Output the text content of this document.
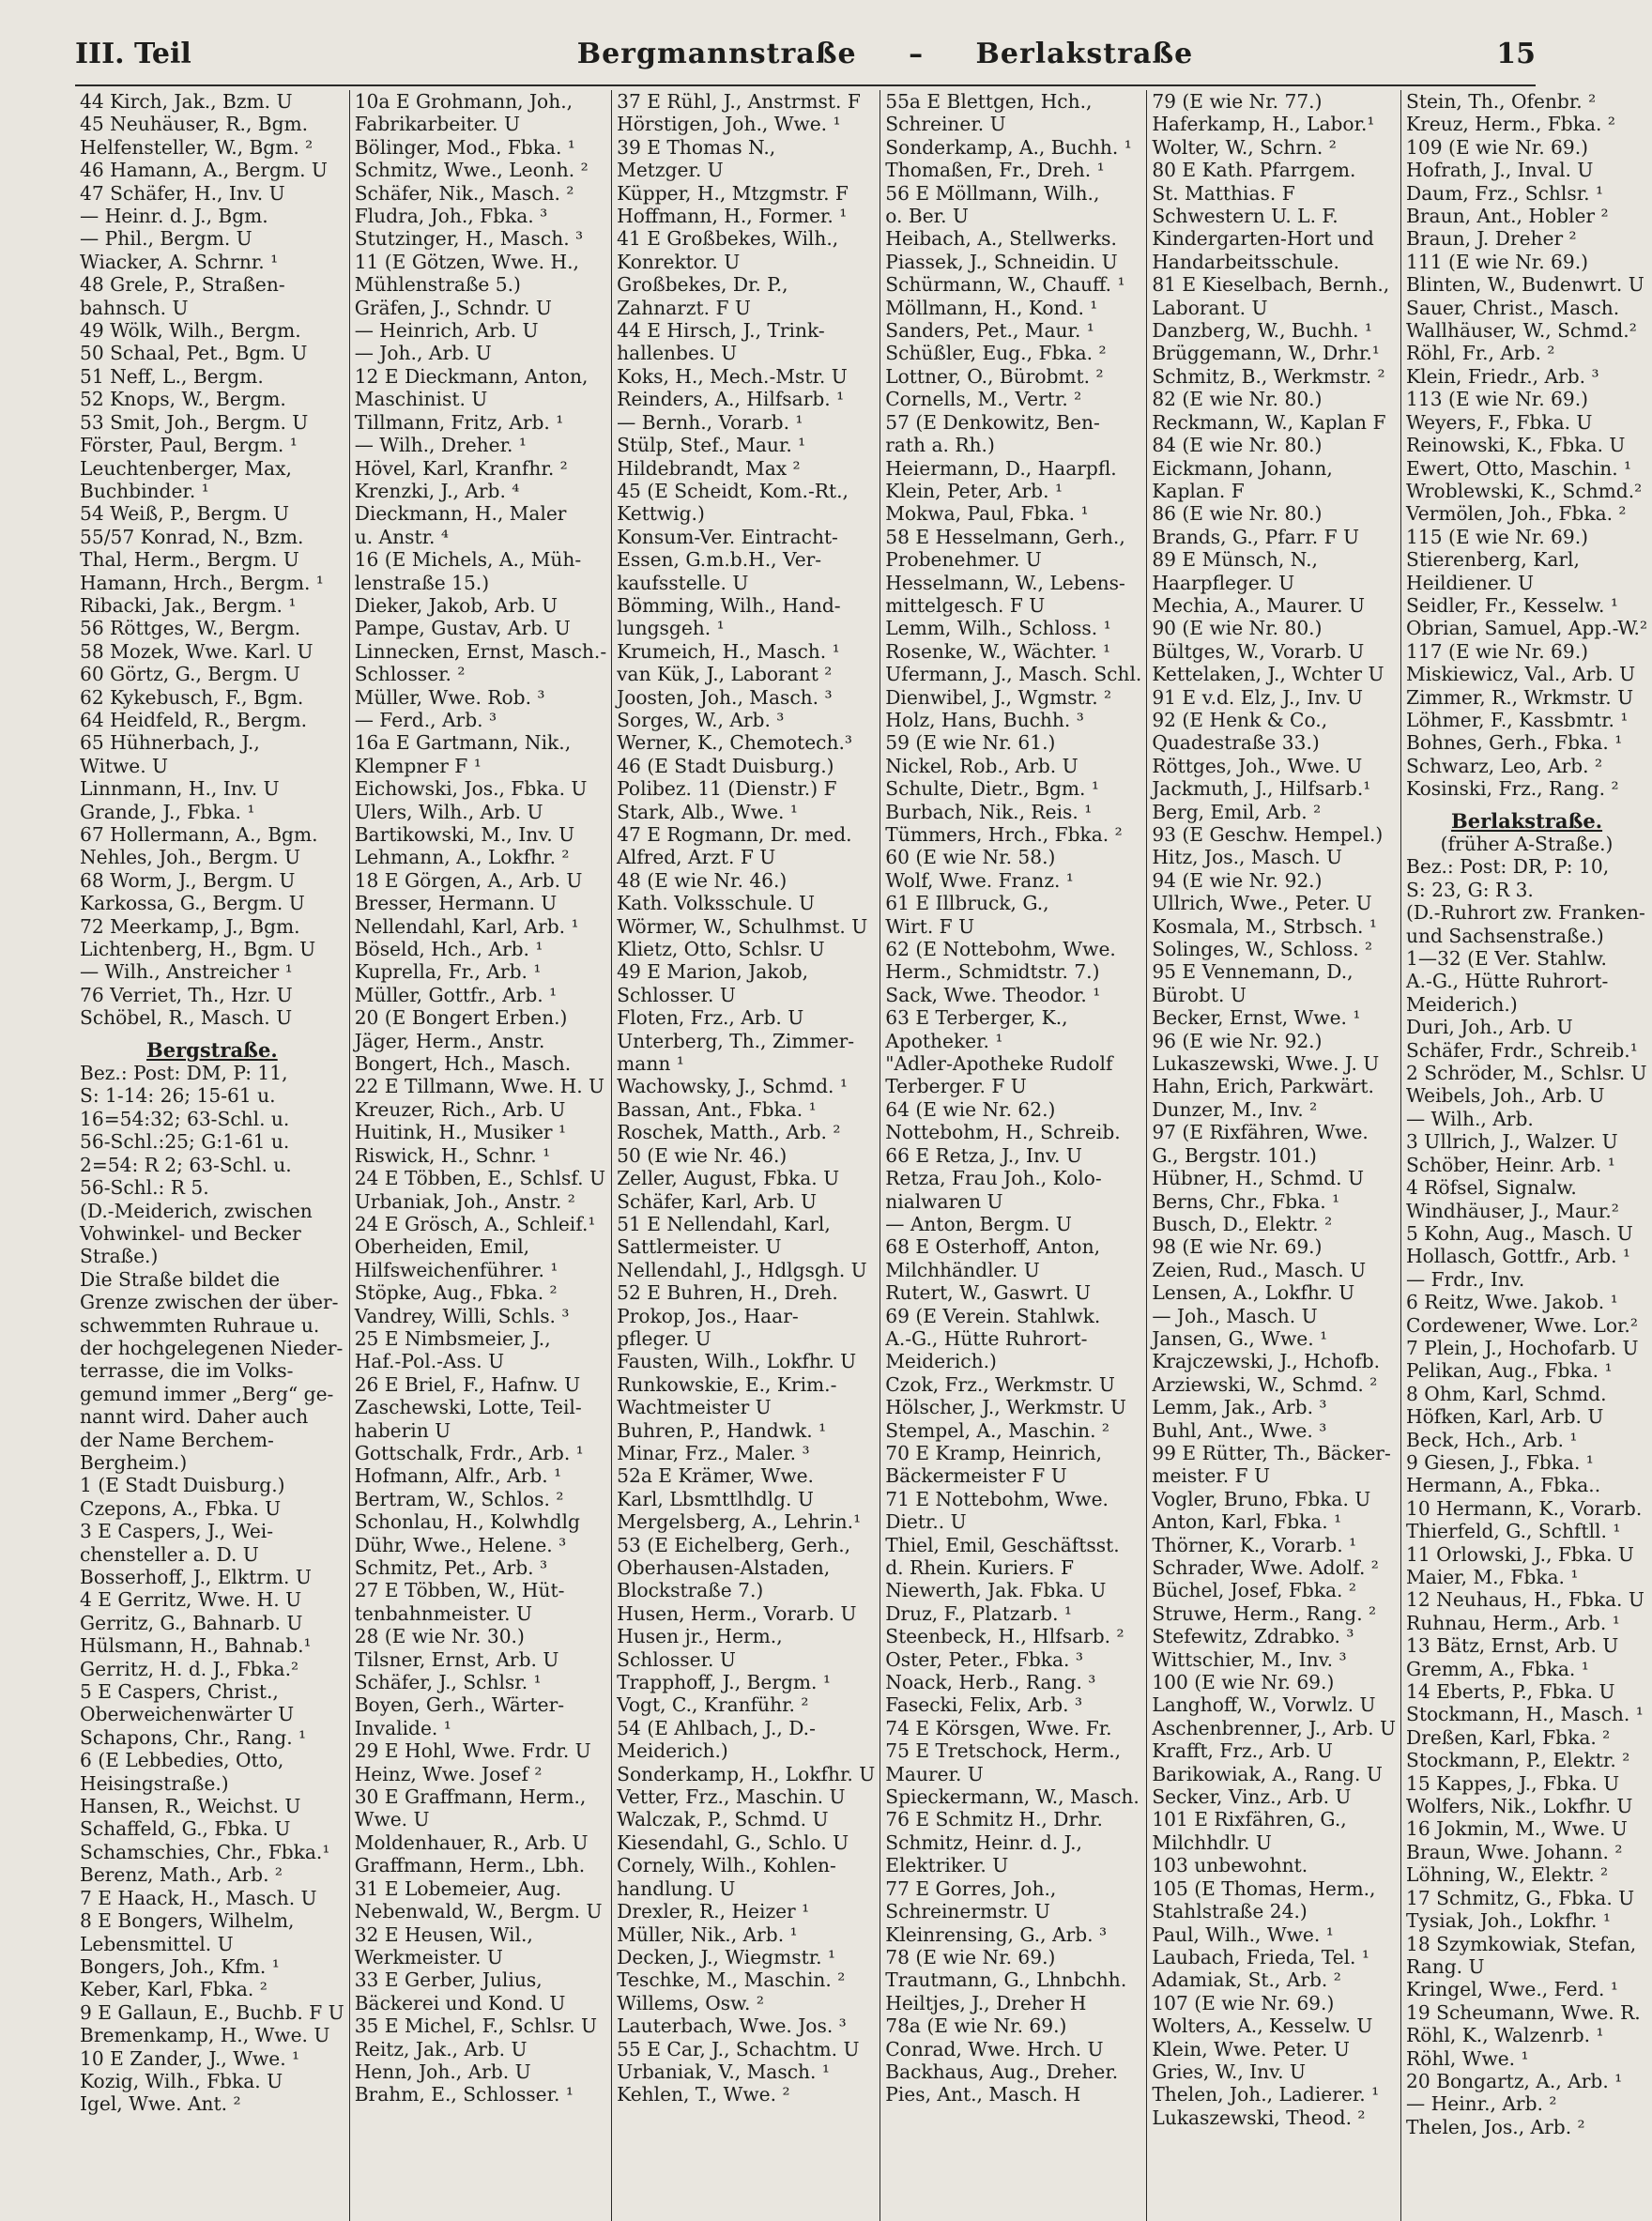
III. Teil	Bergmannstraße – Berlakstraße	15
44 Kirch, Jak., Bzm. U
45 Neuhäuser, R., Bgm.
Helfensteller, W., Bgm. ²
46 Hamann, A., Bergm. U
47 Schäfer, H., Inv. U
— Heinr. d. J., Bgm.
— Phil., Bergm. U
Wiacker, A. Schrnr. ¹
48 Grele, P., Straßen-
bahnsch. U
49 Wölk, Wilh., Bergm.
50 Schaal, Pet., Bgm. U
51 Neff, L., Bergm.
52 Knops, W., Bergm.
53 Smit, Joh., Bergm. U
Förster, Paul, Bergm. ¹
Leuchtenberger, Max,
Buchbinder. ¹
54 Weiß, P., Bergm. U
55/57 Konrad, N., Bzm.
Thal, Herm., Bergm. U
Hamann, Hrch., Bergm. ¹
Ribacki, Jak., Bergm. ¹
56 Röttges, W., Bergm.
58 Mozek, Wwe. Karl. U
60 Görtz, G., Bergm. U
62 Kykebusch, F., Bgm.
64 Heidfeld, R., Bergm.
65 Hühnerbach, J.,
Witwe. U
Linnmann, H., Inv. U
Grande, J., Fbka. ¹
67 Hollermann, A., Bgm.
Nehles, Joh., Bergm. U
68 Worm, J., Bergm. U
Karkossa, G., Bergm. U
72 Meerkamp, J., Bgm.
Lichtenberg, H., Bgm. U
— Wilh., Anstreicher ¹
76 Verriet, Th., Hzr. U
Schöbel, R., Masch. U
Bergstraße.
Bez.: Post: DM, P: 11,
S: 1-14: 26; 15-61 u.
16=54:32; 63-Schl. u.
56-Schl.:25; G:1-61 u.
2=54: R 2; 63-Schl. u.
56-Schl.: R 5.
(D.-Meiderich, zwischen
Vohwinkel- und Becker
Straße.)
Die Straße bildet die
Grenze zwischen der über-
schwemmten Ruhraue u.
der hochgelegenen Nieder-
terrasse, die im Volks-
gemund immer „Berg“ ge-
nannt wird. Daher auch
der Name Berchem-
Bergheim.)
1 (E Stadt Duisburg.)
Czepons, A., Fbka. U
3 E Caspers, J., Wei-
chensteller a. D. U
Bosserhoff, J., Elktrm. U
4 E Gerritz, Wwe. H. U
Gerritz, G., Bahnarb. U
Hülsmann, H., Bahnab.¹
Gerritz, H. d. J., Fbka.²
5 E Caspers, Christ.,
Oberweichenwärter U
Schapons, Chr., Rang. ¹
6 (E Lebbedies, Otto,
Heisingstraße.)
Hansen, R., Weichst. U
Schaffeld, G., Fbka. U
Schamschies, Chr., Fbka.¹
Berenz, Math., Arb. ²
7 E Haack, H., Masch. U
8 E Bongers, Wilhelm,
Lebensmittel. U
Bongers, Joh., Kfm. ¹
Keber, Karl, Fbka. ²
9 E Gallaun, E., Buchb. F U
Bremenkamp, H., Wwe. U
10 E Zander, J., Wwe. ¹
Kozig, Wilh., Fbka. U
Igel, Wwe. Ant. ²
10a E Grohmann, Joh.,
Fabrikarbeiter. U
Bölinger, Mod., Fbka. ¹
Schmitz, Wwe., Leonh. ²
Schäfer, Nik., Masch. ²
Fludra, Joh., Fbka. ³
Stutzinger, H., Masch. ³
11 (E Götzen, Wwe. H.,
Mühlenstraße 5.)
Gräfen, J., Schndr. U
— Heinrich, Arb. U
— Joh., Arb. U
12 E Dieckmann, Anton,
Maschinist. U
Tillmann, Fritz, Arb. ¹
— Wilh., Dreher. ¹
Hövel, Karl, Kranfhr. ²
Krenzki, J., Arb. ⁴
Dieckmann, H., Maler
u. Anstr. ⁴
16 (E Michels, A., Müh-
lenstraße 15.)
Dieker, Jakob, Arb. U
Pampe, Gustav, Arb. U
Linnecken, Ernst, Masch.-
Schlosser. ²
Müller, Wwe. Rob. ³
— Ferd., Arb. ³
16a E Gartmann, Nik.,
Klempner F ¹
Eichowski, Jos., Fbka. U
Ulers, Wilh., Arb. U
Bartikowski, M., Inv. U
Lehmann, A., Lokfhr. ²
18 E Görgen, A., Arb. U
Bresser, Hermann. U
Nellendahl, Karl, Arb. ¹
Böseld, Hch., Arb. ¹
Kuprella, Fr., Arb. ¹
Müller, Gottfr., Arb. ¹
20 (E Bongert Erben.)
Jäger, Herm., Anstr.
Bongert, Hch., Masch.
22 E Tillmann, Wwe. H. U
Kreuzer, Rich., Arb. U
Huitink, H., Musiker ¹
Riswick, H., Schnr. ¹
24 E Többen, E., Schlsf. U
Urbaniak, Joh., Anstr. ²
24 E Grösch, A., Schleif.¹
Oberheiden, Emil,
Hilfsweichenführer. ¹
Stöpke, Aug., Fbka. ²
Vandrey, Willi, Schls. ³
25 E Nimbsmeier, J.,
Haf.-Pol.-Ass. U
26 E Briel, F., Hafnw. U
Zaschewski, Lotte, Teil-
haberin U
Gottschalk, Frdr., Arb. ¹
Hofmann, Alfr., Arb. ¹
Bertram, W., Schlos. ²
Schonlau, H., Kolwhdlg
Dühr, Wwe., Helene. ³
Schmitz, Pet., Arb. ³
27 E Többen, W., Hüt-
tenbahnmeister. U
28 (E wie Nr. 30.)
Tilsner, Ernst, Arb. U
Schäfer, J., Schlsr. ¹
Boyen, Gerh., Wärter-
Invalide. ¹
29 E Hohl, Wwe. Frdr. U
Heinz, Wwe. Josef ²
30 E Graffmann, Herm.,
Wwe. U
Moldenhauer, R., Arb. U
Graffmann, Herm., Lbh.
31 E Lobemeier, Aug.
Nebenwald, W., Bergm. U
32 E Heusen, Wil.,
Werkmeister. U
33 E Gerber, Julius,
Bäckerei und Kond. U
35 E Michel, F., Schlsr. U
Reitz, Jak., Arb. U
Henn, Joh., Arb. U
Brahm, E., Schlosser. ¹
37 E Rühl, J., Anstrmst. F
Hörstigen, Joh., Wwe. ¹
39 E Thomas N.,
Metzger. U
Küpper, H., Mtzgmstr. F
Hoffmann, H., Former. ¹
41 E Großbekes, Wilh.,
Konrektor. U
Großbekes, Dr. P.,
Zahnarzt. F U
44 E Hirsch, J., Trink-
hallenbes. U
Koks, H., Mech.-Mstr. U
Reinders, A., Hilfsarb. ¹
— Bernh., Vorarb. ¹
Stülp, Stef., Maur. ¹
Hildebrandt, Max ²
45 (E Scheidt, Kom.-Rt.,
Kettwig.)
Konsum-Ver. Eintracht-
Essen, G.m.b.H., Ver-
kaufsstelle. U
Bömming, Wilh., Hand-
lungsgeh. ¹
Krumeich, H., Masch. ¹
van Kük, J., Laborant ²
Joosten, Joh., Masch. ³
Sorges, W., Arb. ³
Werner, K., Chemotech.³
46 (E Stadt Duisburg.)
Polibez. 11 (Dienstr.) F
Stark, Alb., Wwe. ¹
47 E Rogmann, Dr. med.
Alfred, Arzt. F U
48 (E wie Nr. 46.)
Kath. Volksschule. U
Wörmer, W., Schulhmst. U
Klietz, Otto, Schlsr. U
49 E Marion, Jakob,
Schlosser. U
Floten, Frz., Arb. U
Unterberg, Th., Zimmer-
mann ¹
Wachowsky, J., Schmd. ¹
Bassan, Ant., Fbka. ¹
Roschek, Matth., Arb. ²
50 (E wie Nr. 46.)
Zeller, August, Fbka. U
Schäfer, Karl, Arb. U
51 E Nellendahl, Karl,
Sattlermeister. U
Nellendahl, J., Hdlgsgh. U
52 E Buhren, H., Dreh.
Prokop, Jos., Haar-
pfleger. U
Fausten, Wilh., Lokfhr. U
Runkowskie, E., Krim.-
Wachtmeister U
Buhren, P., Handwk. ¹
Minar, Frz., Maler. ³
52a E Krämer, Wwe.
Karl, Lbsmttlhdlg. U
Mergelsberg, A., Lehrin.¹
53 (E Eichelberg, Gerh.,
Oberhausen-Alstaden,
Blockstraße 7.)
Husen, Herm., Vorarb. U
Husen jr., Herm.,
Schlosser. U
Trapphoff, J., Bergm. ¹
Vogt, C., Kranführ. ²
54 (E Ahlbach, J., D.-
Meiderich.)
Sonderkamp, H., Lokfhr. U
Vetter, Frz., Maschin. U
Walczak, P., Schmd. U
Kiesendahl, G., Schlo. U
Cornely, Wilh., Kohlen-
handlung. U
Drexler, R., Heizer ¹
Müller, Nik., Arb. ¹
Decken, J., Wiegmstr. ¹
Teschke, M., Maschin. ²
Willems, Osw. ²
Lauterbach, Wwe. Jos. ³
55 E Car, J., Schachtm. U
Urbaniak, V., Masch. ¹
Kehlen, T., Wwe. ²
55a E Blettgen, Hch.,
Schreiner. U
Sonderkamp, A., Buchh. ¹
Thomaßen, Fr., Dreh. ¹
56 E Möllmann, Wilh.,
o. Ber. U
Heibach, A., Stellwerks.
Piassek, J., Schneidin. U
Schürmann, W., Chauff. ¹
Möllmann, H., Kond. ¹
Sanders, Pet., Maur. ¹
Schüßler, Eug., Fbka. ²
Lottner, O., Bürobmt. ²
Cornells, M., Vertr. ²
57 (E Denkowitz, Ben-
rath a. Rh.)
Heiermann, D., Haarpfl.
Klein, Peter, Arb. ¹
Mokwa, Paul, Fbka. ¹
58 E Hesselmann, Gerh.,
Probenehmer. U
Hesselmann, W., Lebens-
mittelgesch. F U
Lemm, Wilh., Schloss. ¹
Rosenke, W., Wächter. ¹
Ufermann, J., Masch. Schl.
Dienwibel, J., Wgmstr. ²
Holz, Hans, Buchh. ³
59 (E wie Nr. 61.)
Nickel, Rob., Arb. U
Schulte, Dietr., Bgm. ¹
Burbach, Nik., Reis. ¹
Tümmers, Hrch., Fbka. ²
60 (E wie Nr. 58.)
Wolf, Wwe. Franz. ¹
61 E Illbruck, G.,
Wirt. F U
62 (E Nottebohm, Wwe.
Herm., Schmidtstr. 7.)
Sack, Wwe. Theodor. ¹
63 E Terberger, K.,
Apotheker. ¹
"Adler-Apotheke Rudolf
Terberger. F U
64 (E wie Nr. 62.)
Nottebohm, H., Schreib.
66 E Retza, J., Inv. U
Retza, Frau Joh., Kolo-
nialwaren U
— Anton, Bergm. U
68 E Osterhoff, Anton,
Milchhändler. U
Rutert, W., Gaswrt. U
69 (E Verein. Stahlwk.
A.-G., Hütte Ruhrort-
Meiderich.)
Czok, Frz., Werkmstr. U
Hölscher, J., Werkmstr. U
Stempel, A., Maschin. ²
70 E Kramp, Heinrich,
Bäckermeister F U
71 E Nottebohm, Wwe.
Dietr.. U
Thiel, Emil, Geschäftsst.
d. Rhein. Kuriers. F
Niewerth, Jak. Fbka. U
Druz, F., Platzarb. ¹
Steenbeck, H., Hlfsarb. ²
Oster, Peter., Fbka. ³
Noack, Herb., Rang. ³
Fasecki, Felix, Arb. ³
74 E Körsgen, Wwe. Fr.
75 E Tretschock, Herm.,
Maurer. U
Spieckermann, W., Masch.
76 E Schmitz H., Drhr.
Schmitz, Heinr. d. J.,
Elektriker. U
77 E Gorres, Joh.,
Schreinermstr. U
Kleinrensing, G., Arb. ³
78 (E wie Nr. 69.)
Trautmann, G., Lhnbchh.
Heiltjes, J., Dreher H
78a (E wie Nr. 69.)
Conrad, Wwe. Hrch. U
Backhaus, Aug., Dreher.
Pies, Ant., Masch. H
79 (E wie Nr. 77.)
Haferkamp, H., Labor.¹
Wolter, W., Schrn. ²
80 E Kath. Pfarrgem.
St. Matthias. F
Schwestern U. L. F.
Kindergarten-Hort und
Handarbeitsschule.
81 E Kieselbach, Bernh.,
Laborant. U
Danzberg, W., Buchh. ¹
Brüggemann, W., Drhr.¹
Schmitz, B., Werkmstr. ²
82 (E wie Nr. 80.)
Reckmann, W., Kaplan F
84 (E wie Nr. 80.)
Eickmann, Johann,
Kaplan. F
86 (E wie Nr. 80.)
Brands, G., Pfarr. F U
89 E Münsch, N.,
Haarpfleger. U
Mechia, A., Maurer. U
90 (E wie Nr. 80.)
Bültges, W., Vorarb. U
Kettelaken, J., Wchter U
91 E v.d. Elz, J., Inv. U
92 (E Henk & Co.,
Quadestraße 33.)
Röttges, Joh., Wwe. U
Jackmuth, J., Hilfsarb.¹
Berg, Emil, Arb. ²
93 (E Geschw. Hempel.)
Hitz, Jos., Masch. U
94 (E wie Nr. 92.)
Ullrich, Wwe., Peter. U
Kosmala, M., Strbsch. ¹
Solinges, W., Schloss. ²
95 E Vennemann, D.,
Bürobt. U
Becker, Ernst, Wwe. ¹
96 (E wie Nr. 92.)
Lukaszewski, Wwe. J. U
Hahn, Erich, Parkwärt.
Dunzer, M., Inv. ²
97 (E Rixfähren, Wwe.
G., Bergstr. 101.)
Hübner, H., Schmd. U
Berns, Chr., Fbka. ¹
Busch, D., Elektr. ²
98 (E wie Nr. 69.)
Zeien, Rud., Masch. U
Lensen, A., Lokfhr. U
— Joh., Masch. U
Jansen, G., Wwe. ¹
Krajczewski, J., Hchofb.
Arziewski, W., Schmd. ²
Lemm, Jak., Arb. ³
Buhl, Ant., Wwe. ³
99 E Rütter, Th., Bäcker-
meister. F U
Vogler, Bruno, Fbka. U
Anton, Karl, Fbka. ¹
Thörner, K., Vorarb. ¹
Schrader, Wwe. Adolf. ²
Büchel, Josef, Fbka. ²
Struwe, Herm., Rang. ²
Stefewitz, Zdrabko. ³
Wittschier, M., Inv. ³
100 (E wie Nr. 69.)
Langhoff, W., Vorwlz. U
Aschenbrenner, J., Arb. U
Krafft, Frz., Arb. U
Barikowiak, A., Rang. U
Secker, Vinz., Arb. U
101 E Rixfähren, G.,
Milchhdlr. U
103 unbewohnt.
105 (E Thomas, Herm.,
Stahlstraße 24.)
Paul, Wilh., Wwe. ¹
Laubach, Frieda, Tel. ¹
Adamiak, St., Arb. ²
107 (E wie Nr. 69.)
Wolters, A., Kesselw. U
Klein, Wwe. Peter. U
Gries, W., Inv. U
Thelen, Joh., Ladierer. ¹
Lukaszewski, Theod. ²
Stein, Th., Ofenbr. ²
Kreuz, Herm., Fbka. ²
109 (E wie Nr. 69.)
Hofrath, J., Inval. U
Daum, Frz., Schlsr. ¹
Braun, Ant., Hobler ²
Braun, J. Dreher ²
111 (E wie Nr. 69.)
Blinten, W., Budenwrt. U
Sauer, Christ., Masch.
Wallhäuser, W., Schmd.²
Röhl, Fr., Arb. ²
Klein, Friedr., Arb. ³
113 (E wie Nr. 69.)
Weyers, F., Fbka. U
Reinowski, K., Fbka. U
Ewert, Otto, Maschin. ¹
Wroblewski, K., Schmd.²
Vermölen, Joh., Fbka. ²
115 (E wie Nr. 69.)
Stierenberg, Karl,
Heildiener. U
Seidler, Fr., Kesselw. ¹
Obrian, Samuel, App.-W.²
117 (E wie Nr. 69.)
Miskiewicz, Val., Arb. U
Zimmer, R., Wrkmstr. U
Löhmer, F., Kassbmtr. ¹
Bohnes, Gerh., Fbka. ¹
Schwarz, Leo, Arb. ²
Kosinski, Frz., Rang. ²
Berlakstraße.
(früher A-Straße.)
Bez.: Post: DR, P: 10,
S: 23, G: R 3.
(D.-Ruhrort zw. Franken-
und Sachsenstraße.)
1—32 (E Ver. Stahlw.
A.-G., Hütte Ruhrort-
Meiderich.)
Duri, Joh., Arb. U
Schäfer, Frdr., Schreib.¹
2 Schröder, M., Schlsr. U
Weibels, Joh., Arb. U
— Wilh., Arb.
3 Ullrich, J., Walzer. U
Schöber, Heinr. Arb. ¹
4 Röfsel, Signalw.
Windhäuser, J., Maur.²
5 Kohn, Aug., Masch. U
Hollasch, Gottfr., Arb. ¹
— Frdr., Inv.
6 Reitz, Wwe. Jakob. ¹
Cordewener, Wwe. Lor.²
7 Plein, J., Hochofarb. U
Pelikan, Aug., Fbka. ¹
8 Ohm, Karl, Schmd.
Höfken, Karl, Arb. U
Beck, Hch., Arb. ¹
9 Giesen, J., Fbka. ¹
Hermann, A., Fbka..
10 Hermann, K., Vorarb.
Thierfeld, G., Schftll. ¹
11 Orlowski, J., Fbka. U
Maier, M., Fbka. ¹
12 Neuhaus, H., Fbka. U
Ruhnau, Herm., Arb. ¹
13 Bätz, Ernst, Arb. U
Gremm, A., Fbka. ¹
14 Eberts, P., Fbka. U
Stockmann, H., Masch. ¹
Dreßen, Karl, Fbka. ²
Stockmann, P., Elektr. ²
15 Kappes, J., Fbka. U
Wolfers, Nik., Lokfhr. U
16 Jokmin, M., Wwe. U
Braun, Wwe. Johann. ²
Löhning, W., Elektr. ²
17 Schmitz, G., Fbka. U
Tysiak, Joh., Lokfhr. ¹
18 Szymkowiak, Stefan,
Rang. U
Kringel, Wwe., Ferd. ¹
19 Scheumann, Wwe. R.
Röhl, K., Walzenrb. ¹
Röhl, Wwe. ¹
20 Bongartz, A., Arb. ¹
— Heinr., Arb. ²
Thelen, Jos., Arb. ²
